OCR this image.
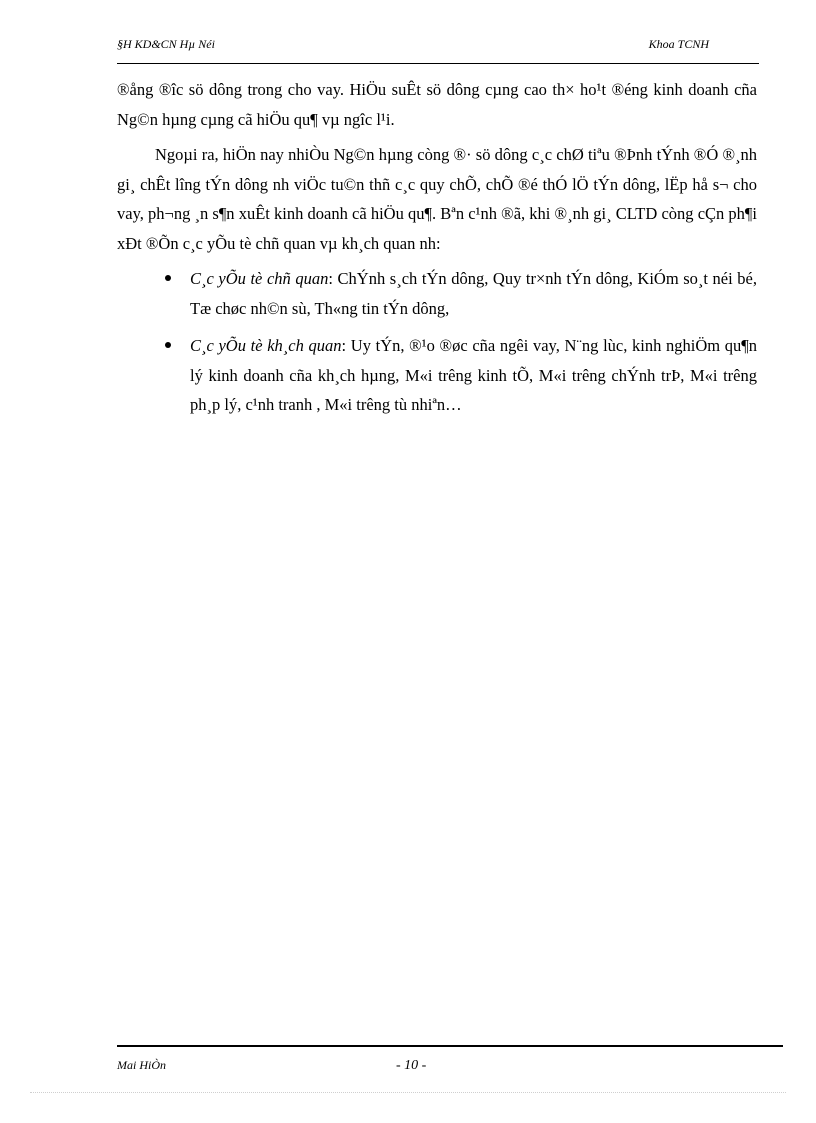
§H KD&CN Hµ Néi	Khoa TCNH

®ång ®îc sö dông trong cho vay. HiÖu suÊt sö dông cµng cao th× ho¹t ®éng kinh doanh cña Ng©n hµng cµng cã hiÖu qu¶ vµ ngîc l¹i.

Ngoµi ra, hiÖn nay nhiÒu Ng©n hµng còng ®· sö dông c¸c chØ tiªu ®Þnh tÝnh ®Ó ®¸nh gi¸ chÊt lîng tÝn dông nh viÖc tu©n thñ c¸c quy chÕ, chÕ ®é thÓ lÖ tÝn dông, lËp hå s¬ cho vay, ph¬ng ¸n s¶n xuÊt kinh doanh cã hiÖu qu¶. Bªn c¹nh ®ã, khi ®¸nh gi¸ CLTD còng cÇn ph¶i xÐt ®Õn c¸c yÕu tè chñ quan vµ kh¸ch quan nh:

C¸c yÕu tè chñ quan: ChÝnh s¸ch tÝn dông, Quy tr×nh tÝn dông, KiÓm so¸t néi bé, Tæ chøc nh©n sù, Th«ng tin tÝn dông,
C¸c yÕu tè kh¸ch quan: Uy tÝn, ®¹o ®øc cña ngêi vay, N¨ng lùc, kinh nghiÖm qu¶n lý kinh doanh cña kh¸ch hµng, M«i trêng kinh tÕ, M«i trêng chÝnh trÞ, M«i trêng ph¸p lý, c¹nh tranh , M«i trêng tù nhiªn…
Mai HiÒn	- 10 -
